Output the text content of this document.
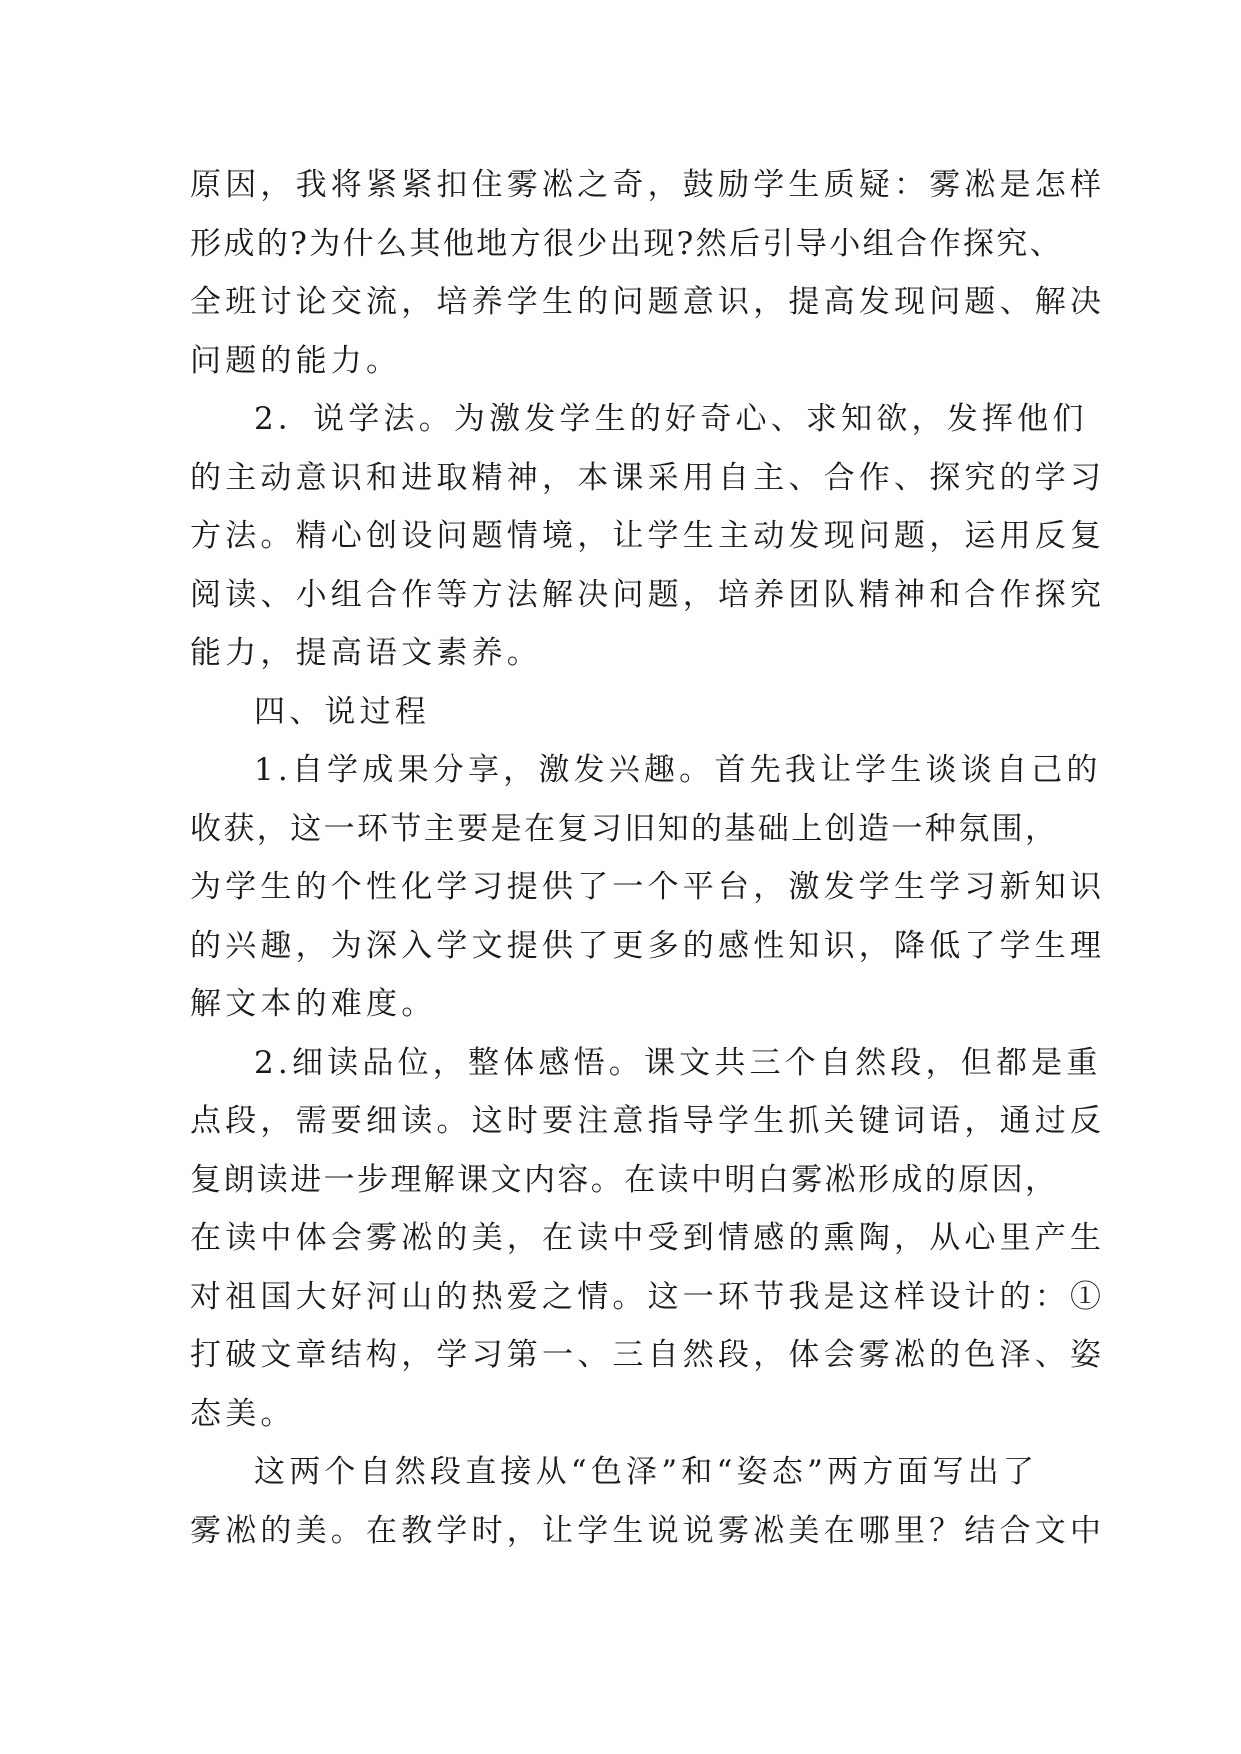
原因，我将紧紧扣住雾凇之奇，鼓励学生质疑：雾凇是怎样
形成的?为什么其他地方很少出现?然后引导小组合作探究、
全班讨论交流，培养学生的问题意识，提高发现问题、解决
问题的能力。
2．说学法。为激发学生的好奇心、求知欲，发挥他们
的主动意识和进取精神，本课采用自主、合作、探究的学习
方法。精心创设问题情境，让学生主动发现问题，运用反复
阅读、小组合作等方法解决问题，培养团队精神和合作探究
能力，提高语文素养。
四、说过程
1.自学成果分享，激发兴趣。首先我让学生谈谈自己的
收获，这一环节主要是在复习旧知的基础上创造一种氛围，
为学生的个性化学习提供了一个平台，激发学生学习新知识
的兴趣，为深入学文提供了更多的感性知识，降低了学生理
解文本的难度。
2.细读品位，整体感悟。课文共三个自然段，但都是重
点段，需要细读。这时要注意指导学生抓关键词语，通过反
复朗读进一步理解课文内容。在读中明白雾凇形成的原因，
在读中体会雾凇的美，在读中受到情感的熏陶，从心里产生
对祖国大好河山的热爱之情。这一环节我是这样设计的：①
打破文章结构，学习第一、三自然段，体会雾凇的色泽、姿
态美。
这两个自然段直接从“色泽”和“姿态”两方面写出了
雾凇的美。在教学时，让学生说说雾凇美在哪里？结合文中
